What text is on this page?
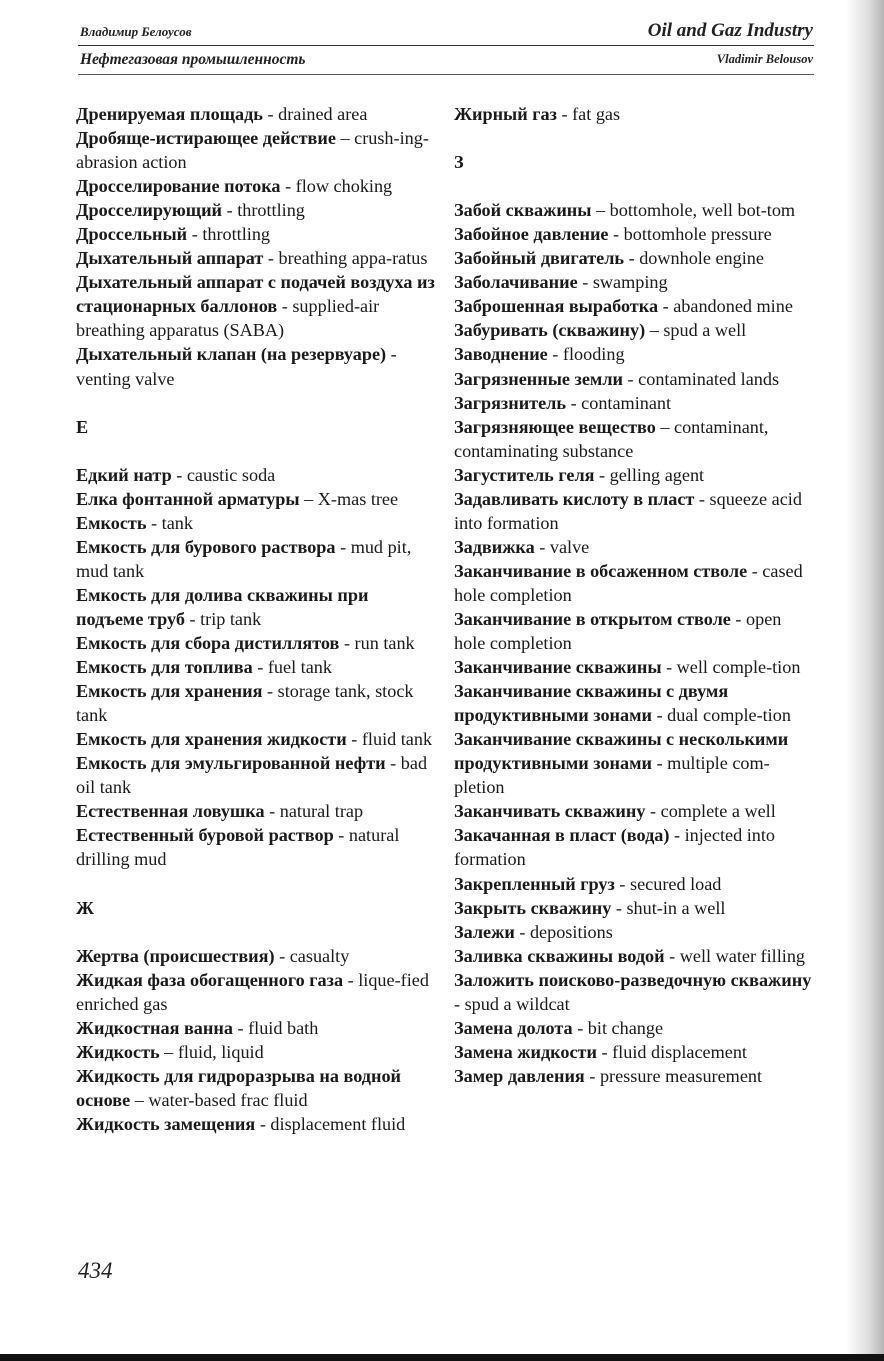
Владимир Белоусов	Oil and Gaz Industry
Нефтегазовая промышленность	Vladimir Belousov
Дренируемая площадь - drained area
Дробяще-истирающее действие – crush-ing-abrasion action
Дросселирование потока - flow choking
Дросселирующий - throttling
Дроссельный - throttling
Дыхательный аппарат - breathing appa-ratus
Дыхательный аппарат с подачей воздуха из стационарных баллонов - supplied-air breathing apparatus (SABA)
Дыхательный клапан (на резервуаре) - venting valve
Е
Едкий натр - caustic soda
Елка фонтанной арматуры – X-mas tree
Емкость - tank
Емкость для бурового раствора - mud pit, mud tank
Емкость для долива скважины при подъеме труб - trip tank
Емкость для сбора дистиллятов - run tank
Емкость для топлива - fuel tank
Емкость для хранения - storage tank, stock tank
Емкость для хранения жидкости - fluid tank
Емкость для эмульгированной нефти - bad oil tank
Естественная ловушка - natural trap
Естественный буровой раствор - natural drilling mud
Ж
Жертва (происшествия) - casualty
Жидкая фаза обогащенного газа - lique-fied enriched gas
Жидкостная ванна - fluid bath
Жидкость – fluid, liquid
Жидкость для гидроразрыва на водной основе – water-based frac fluid
Жидкость замещения - displacement fluid
Жирный газ - fat gas
З
Забой скважины – bottomhole, well bot-tom
Забойное давление - bottomhole pressure
Забойный двигатель - downhole engine
Заболачивание - swamping
Заброшенная выработка - abandoned mine
Забуривать (скважину) – spud a well
Заводнение - flooding
Загрязненные земли - contaminated lands
Загрязнитель - contaminant
Загрязняющее вещество – contaminant, contaminating substance
Загуститель геля - gelling agent
Задавливать кислоту в пласт - squeeze acid into formation
Задвижка - valve
Заканчивание в обсаженном стволе - cased hole completion
Заканчивание в открытом стволе - open hole completion
Заканчивание скважины - well comple-tion
Заканчивание скважины с двумя продуктивными зонами - dual comple-tion
Заканчивание скважины с несколькими продуктивными зонами - multiple com-pletion
Заканчивать скважину - complete a well
Закачанная в пласт (вода) - injected into formation
Закрепленный груз - secured load
Закрыть скважину - shut-in a well
Залежи - depositions
Заливка скважины водой - well water filling
Заложить поисково-разведочную скважину - spud a wildcat
Замена долота - bit change
Замена жидкости - fluid displacement
Замер давления - pressure measurement
434
